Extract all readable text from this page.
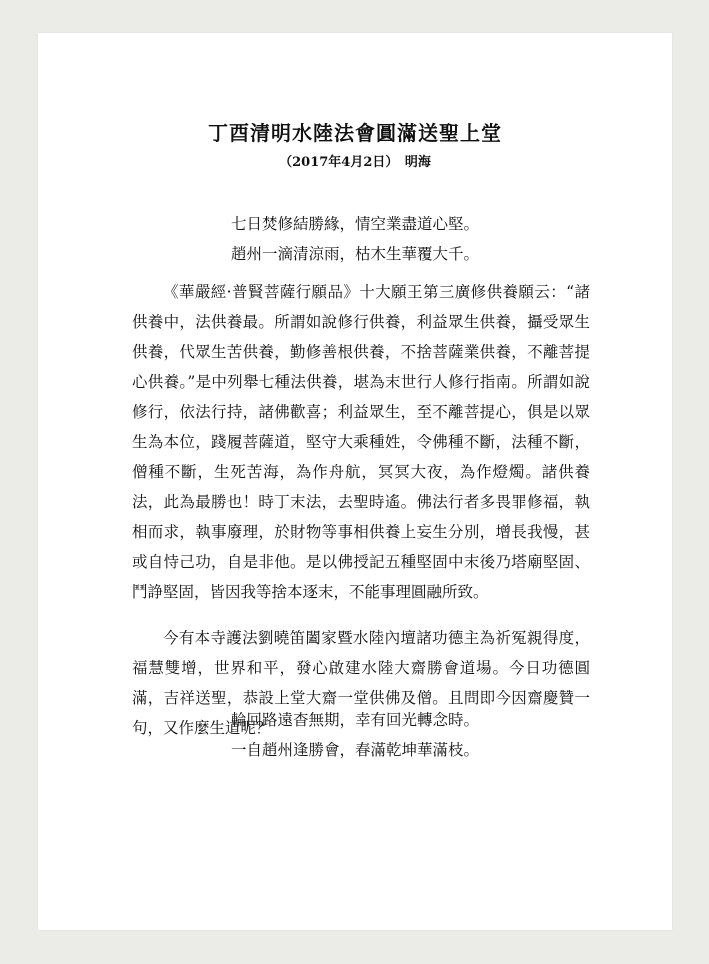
丁酉清明水陸法會圓滿送聖上堂
（2017年4月2日）　明海
七日焚修結勝緣，情空業盡道心堅。
趙州一滴清涼雨，枯木生華覆大千。
《華嚴經·普賢菩薩行願品》十大願王第三廣修供養願云：“諸供養中，法供養最。所謂如說修行供養，利益眾生供養，攝受眾生供養，代眾生苦供養，勤修善根供養，不捨菩薩業供養，不離菩提心供養。”是中列舉七種法供養，堪為末世行人修行指南。所謂如說修行，依法行持，諸佛歡喜；利益眾生，至不離菩提心，俱是以眾生為本位，踐履菩薩道，堅守大乘種姓，令佛種不斷，法種不斷，僧種不斷，生死苦海，為作舟航，冥冥大夜，為作燈燭。諸供養法，此為最勝也！時丁末法，去聖時遙。佛法行者多畏罪修福，執相而求，執事廢理，於財物等事相供養上妄生分別，增長我慢，甚或自恃己功，自是非他。是以佛授記五種堅固中末後乃塔廟堅固、鬥諍堅固，皆因我等捨本逐末，不能事理圓融所致。
今有本寺護法劉曉笛闔家暨水陸內壇諸功德主為祈冤親得度，福慧雙增，世界和平，發心啟建水陸大齋勝會道場。今日功德圓滿，吉祥送聖，恭設上堂大齋一堂供佛及僧。且問即今因齋慶贊一句，又作麼生道呢？
輪回路遠杳無期，幸有回光轉念時。
一自趙州逢勝會，春滿乾坤華滿枝。
